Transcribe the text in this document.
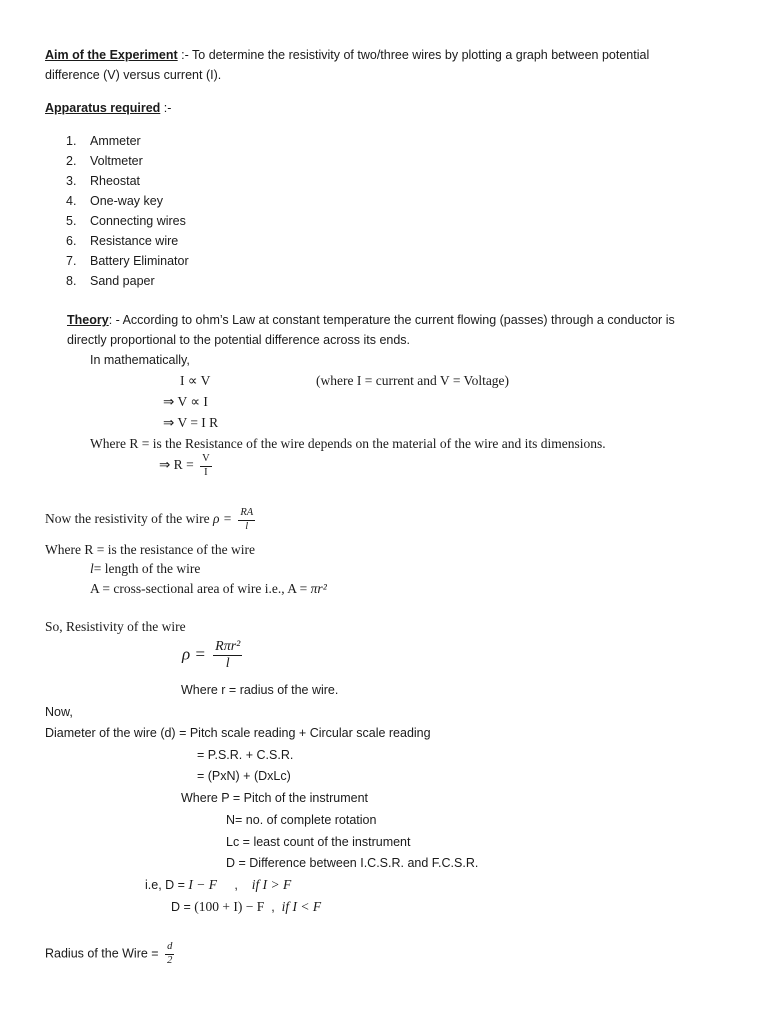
Aim of the Experiment :- To determine the resistivity of two/three wires by plotting a graph between potential
difference (V) versus current (I).
Apparatus required :-
1. Ammeter
2. Voltmeter
3. Rheostat
4. One-way key
5. Connecting wires
6. Resistance wire
7. Battery Eliminator
8. Sand paper
Theory: - According to ohm’s Law at constant temperature the current flowing (passes) through a conductor is
directly proportional to the potential difference across its ends.
In mathematically,
I ∝ V	(where I = current and V = Voltage)
⇒ V ∝ I
⇒ V = I R
Where R = is the Resistance of the wire depends on the material of the wire and its dimensions.
⇒ $R = \frac{V}{I}$
Now the resistivity of the wire $\rho = \frac{RA}{l}$
Where R = is the resistance of the wire
l= length of the wire
A = cross-sectional area of wire i.e., A = πr²
So, Resistivity of the wire
$\rho = \frac{\text{Rπr²}}{l}$
Where r = radius of the wire.
Now,
Diameter of the wire (d) = Pitch scale reading + Circular scale reading
= P.S.R. + C.S.R.
= (PxN) + (DxLc)
Where P = Pitch of the instrument
N= no. of complete rotation
Lc = least count of the instrument
D = Difference between I.C.S.R. and F.C.S.R.
i.e, D = I − F     ,    if I > F
D = (100 + I) − F  ,  if I < F
Radius of the Wire = $\frac{d}{2}$
